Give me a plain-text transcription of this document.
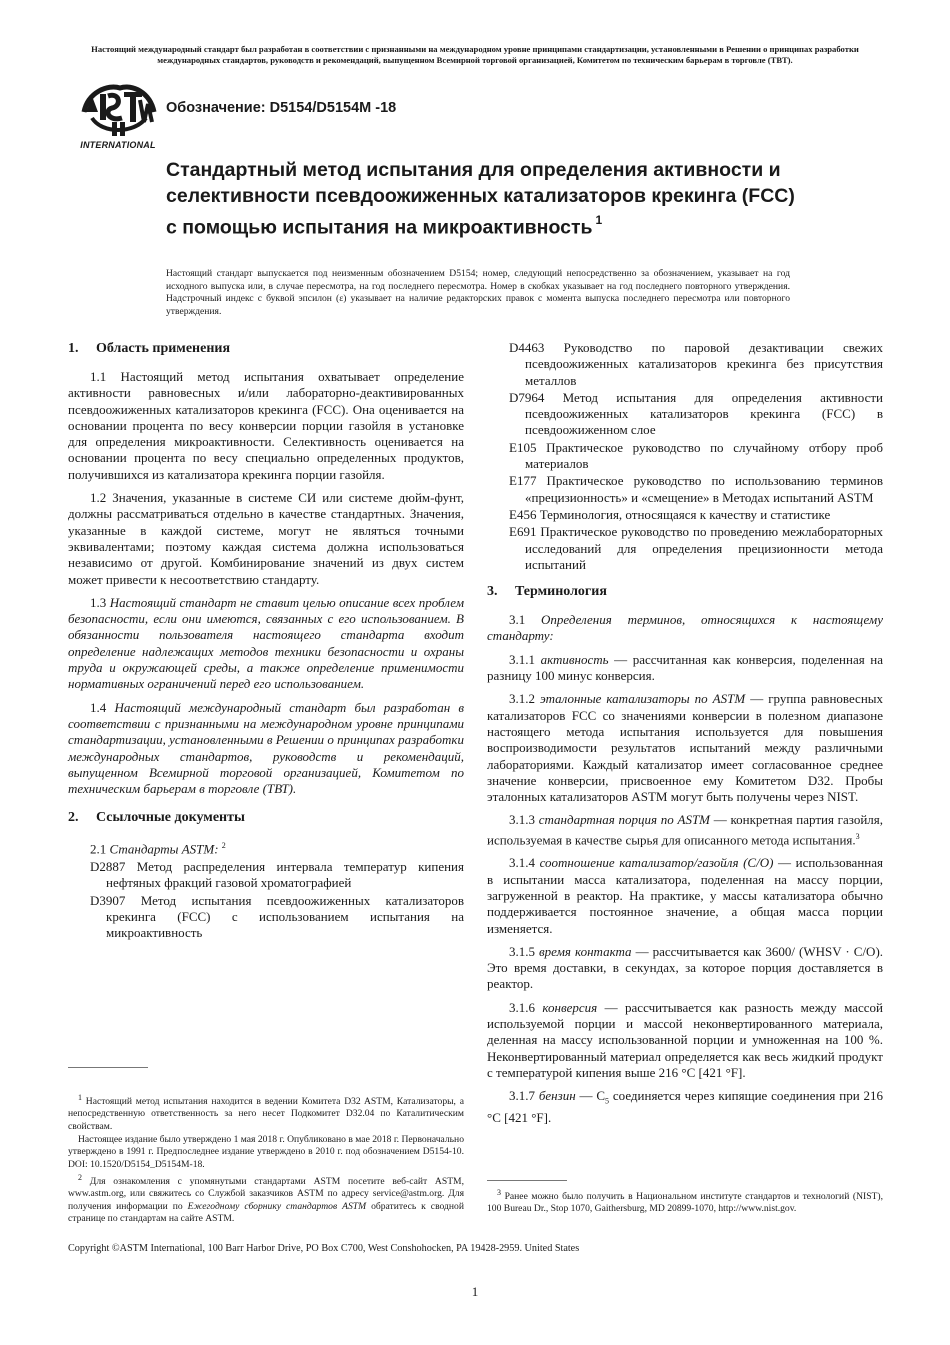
Настоящий международный стандарт был разработан в соответствии с признанными на международном уровне принципами стандартизации, установленными в Решении о принципах разработки международных стандартов, руководств и рекомендаций, выпущенном Всемирной торговой организацией, Комитетом по техническим барьерам в торговле (ТВТ).
INTERNATIONAL
Обозначение: D5154/D5154M -18
Стандартный метод испытания для определения активности и селективности псевдоожиженных катализаторов крекинга (FCC) с помощью испытания на микроактивность $^1$
Настоящий стандарт выпускается под неизменным обозначением D5154; номер, следующий непосредственно за обозначением, указывает на год исходного выпуска или, в случае пересмотра, на год последнего пересмотра. Номер в скобках указывает на год последнего повторного утверждения. Надстрочный индекс с буквой эпсилон (ε) указывает на наличие редакторских правок с момента выпуска последнего пересмотра или повторного утверждения.
1. Область применения

1.1 Настоящий метод испытания охватывает определение активности равновесных и/или лабораторно-деактивированных псевдоожиженных катализаторов крекинга (FCC). Она оценивается на основании процента по весу конверсии порции газойля в установке для определения микроактивности. Селективность оценивается на основании процента по весу специально определенных продуктов, получившихся из катализатора крекинга порции газойля.

1.2 Значения, указанные в системе СИ или системе дюйм-фунт, должны рассматриваться отдельно в качестве стандартных. Значения, указанные в каждой системе, могут не являться точными эквивалентами; поэтому каждая система должна использоваться независимо от другой. Комбинирование значений из двух систем может привести к несоответствию стандарту.

1.3 Настоящий стандарт не ставит целью описание всех проблем безопасности, если они имеются, связанных с его использованием. В обязанности пользователя настоящего стандарта входит определение надлежащих методов техники безопасности и охраны труда и окружающей среды, а также определение применимости нормативных ограничений перед его использованием.

1.4 Настоящий международный стандарт был разработан в соответствии с признанными на международном уровне принципами стандартизации, установленными в Решении о принципах разработки международных стандартов, руководств и рекомендаций, выпущенном Всемирной торговой организацией, Комитетом по техническим барьерам в торговле (ТВТ).

2. Ссылочные документы
2.1 Стандарты ASTM: $^2$
D2887 Метод распределения интервала температур кипения нефтяных фракций газовой хроматографией
D3907 Метод испытания псевдоожиженных катализаторов крекинга (FCC) с использованием испытания на микроактивность

$^1$ Настоящий метод испытания находится в ведении Комитета D32 ASTM, Катализаторы, а непосредственную ответственность за него несет Подкомитет D32.04 по Каталитическим свойствам.

Настоящее издание было утверждено 1 мая 2018 г. Опубликовано в мае 2018 г. Первоначально утверждено в 1991 г. Предпоследнее издание утверждено в 2010 г. под обозначением D5154-10. DOI: 10.1520/D5154_D5154M-18.

$^2$ Для ознакомления с упомянутыми стандартами ASTM посетите веб-сайт ASTM, www.astm.org, или свяжитесь со Службой заказчиков ASTM по адресу service@astm.org. Для получения информации по Ежегодному сборнику стандартов ASTM обратитесь к сводной странице по стандартам на сайте ASTM.

D4463 Руководство по паровой дезактивации свежих псевдоожиженных катализаторов крекинга без присутствия металлов
D7964 Метод испытания для определения активности псевдоожиженных катализаторов крекинга (FCC) в псевдоожиженном слое
E105 Практическое руководство по случайному отбору проб материалов
E177 Практическое руководство по использованию терминов «прецизионность» и «смещение» в Методах испытаний ASTM
E456 Терминология, относящаяся к качеству и статистике
E691 Практическое руководство по проведению межлабораторных исследований для определения прецизионности метода испытаний
3. Терминология

3.1 Определения терминов, относящихся к настоящему стандарту:

3.1.1 активность — рассчитанная как конверсия, поделенная на разницу 100 минус конверсия.

3.1.2 эталонные катализаторы по ASTM — группа равновесных катализаторов FCC со значениями конверсии в полезном диапазоне настоящего метода испытания используется для повышения воспроизводимости результатов испытаний между различными лабораториями. Каждый катализатор имеет согласованное среднее значение конверсии, присвоенное ему Комитетом D32. Пробы эталонных катализаторов ASTM могут быть получены через NIST.

3.1.3 стандартная порция по ASTM — конкретная партия газойля, используемая в качестве сырья для описанного метода испытания.$^3$

3.1.4 соотношение катализатор/газойля (C/O) — использованная в испытании масса катализатора, поделенная на массу порции, загруженной в реактор. На практике, у массы катализатора обычно поддерживается постоянное значение, а общая масса порции изменяется.

3.1.5 время контакта — рассчитывается как 3600/ (WHSV · C/O). Это время доставки, в секундах, за которое порция доставляется в реактор.

3.1.6 конверсия — рассчитывается как разность между массой используемой порции и массой неконвертированного материала, деленная на массу использованной порции и умноженная на 100 %. Неконвертированный материал определяется как весь жидкий продукт с температурой кипения выше 216 °C [421 °F].

3.1.7 бензин — $C_5$ соединяется через кипящие соединения при 216 °C [421 °F].

$^3$ Ранее можно было получить в Национальном институте стандартов и технологий (NIST), 100 Bureau Dr., Stop 1070, Gaithersburg, MD 20899-1070, http://www.nist.gov.

Copyright ©ASTM International, 100 Barr Harbor Drive, PO Box C700, West Conshohocken, PA 19428-2959. United States
1
